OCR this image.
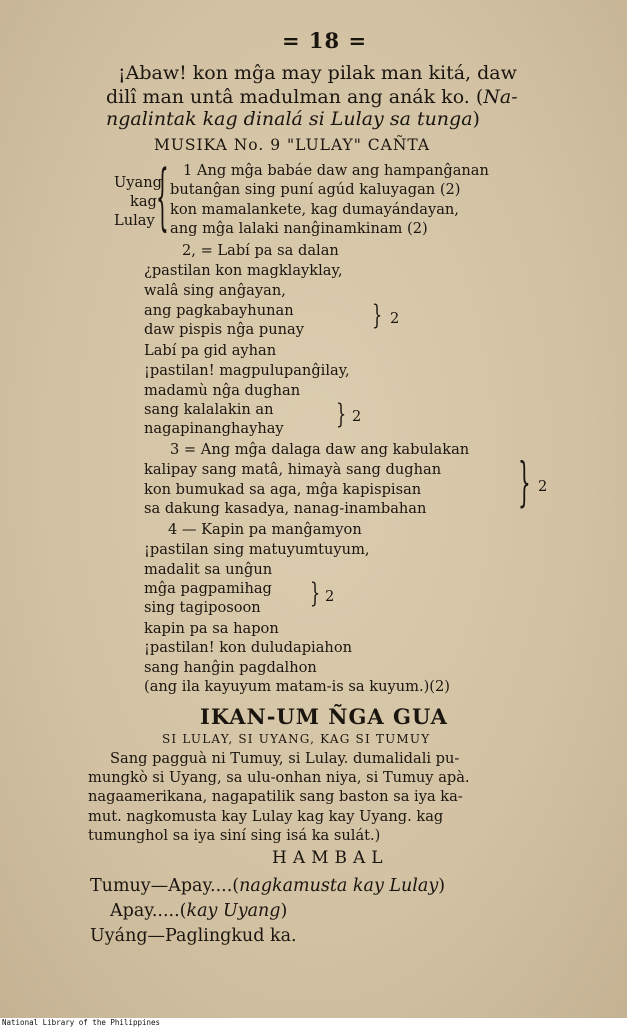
= 18 =
¡Abaw! kon mĝa may pilak man kitá, daw
dilî man untâ madulman ang anák ko. (Na-
ngalintak kag dinalá si Lulay sa tunga)
MUSIKA No. 9 "LULAY" CAÑTA
Uyang
kag
Lulay { 1 Ang mĝa babáe daw ang hampanĝanan
butanĝan sing puní agúd kaluyagan (2)
kon mamalankete, kag dumayándayan,
ang mĝa lalaki nanĝinamkinam (2)
2, = Labí pa sa dalan
¿pastilan kon magklayklay,
walâ sing anĝayan,
ang pagkabayhunan
daw pispis nĝa punay	} 2
Labí pa gid ayhan
¡pastilan! magpulupanĝilay,
madamù nĝa dughan
sang kalalakin an
nagapinanghayhay	} 2
3 = Ang mĝa dalaga daw ang kabulakan
kalipay sang matâ, himayà sang dughan
kon bumukad sa aga, mĝa kapispisan
sa dakung kasadya, nanag-inambahan	} 2
4 — Kapin pa manĝamyon
¡pastilan sing matuyumtuyum,
madalit sa unĝun
mĝa pagpamihag
sing tagiposoon	} 2
kapin pa sa hapon
¡pastilan! kon duludapiahon
sang hanĝin pagdalhon
(ang ila kayuyum matam-is sa kuyum.)(2)
IKAN-UM ÑGA GUA
SI LULAY, SI UYANG, KAG SI TUMUY
Sang pagguà ni Tumuy, si Lulay. dumalidali pu-
mungkò si Uyang, sa ulu-onhan niya, si Tumuy apà.
nagaamerikana, nagapatilik sang baston sa iya ka-
mut. nagkomusta kay Lulay kag kay Uyang. kag
tumunghol sa iya siní sing isá ka sulát.)
HAMBAL
Tumuy—Apay....(nagkamusta kay Lulay)
Apay.....(kay Uyang)
Uyáng—Paglingkud ka.
National Library of the Philippines
